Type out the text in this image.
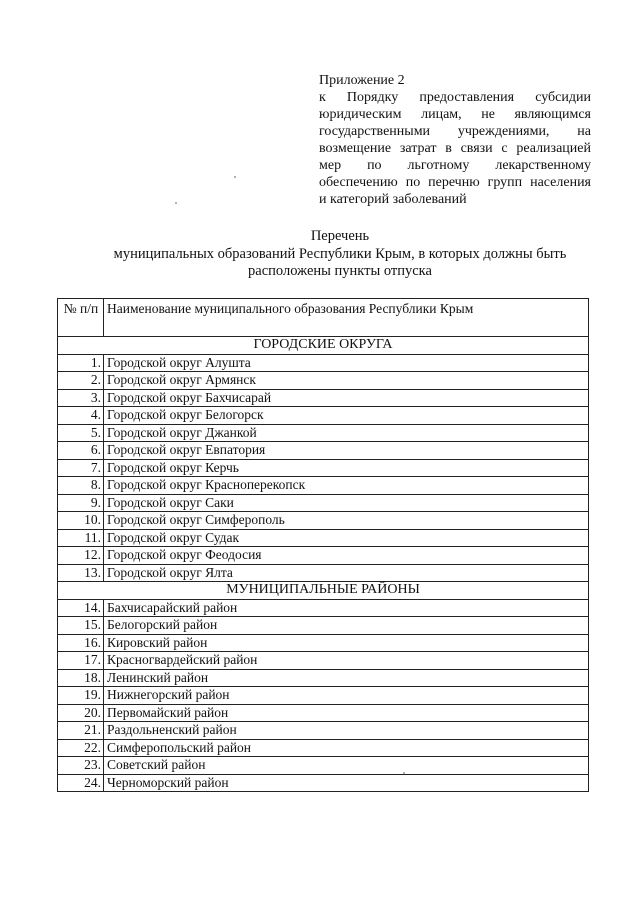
Приложение 2
к Порядку предоставления субсидии
юридическим лицам, не являющимся
государственными учреждениями, на
возмещение затрат в связи с реализацией
мер по льготному лекарственному
обеспечению по перечню групп населения
и категорий заболеваний
Перечень
муниципальных образований Республики Крым, в которых должны быть
расположены пункты отпуска
№ п/п	Наименование муниципального образования Республики Крым
ГОРОДСКИЕ ОКРУГА	
1.	Городской округ Алушта
2.	Городской округ Армянск
3.	Городской округ Бахчисарай
4.	Городской округ Белогорск
5.	Городской округ Джанкой
6.	Городской округ Евпатория
7.	Городской округ Керчь
8.	Городской округ Красноперекопск
9.	Городской округ Саки
10.	Городской округ Симферополь
11.	Городской округ Судак
12.	Городской округ Феодосия
13.	Городской округ Ялта
МУНИЦИПАЛЬНЫЕ РАЙОНЫ	
14.	Бахчисарайский район
15.	Белогорский район
16.	Кировский район
17.	Красногвардейский район
18.	Ленинский район
19.	Нижнегорский район
20.	Первомайский район
21.	Раздольненский район
22.	Симферопольский район
23.	Советский район
24.	Черноморский район
